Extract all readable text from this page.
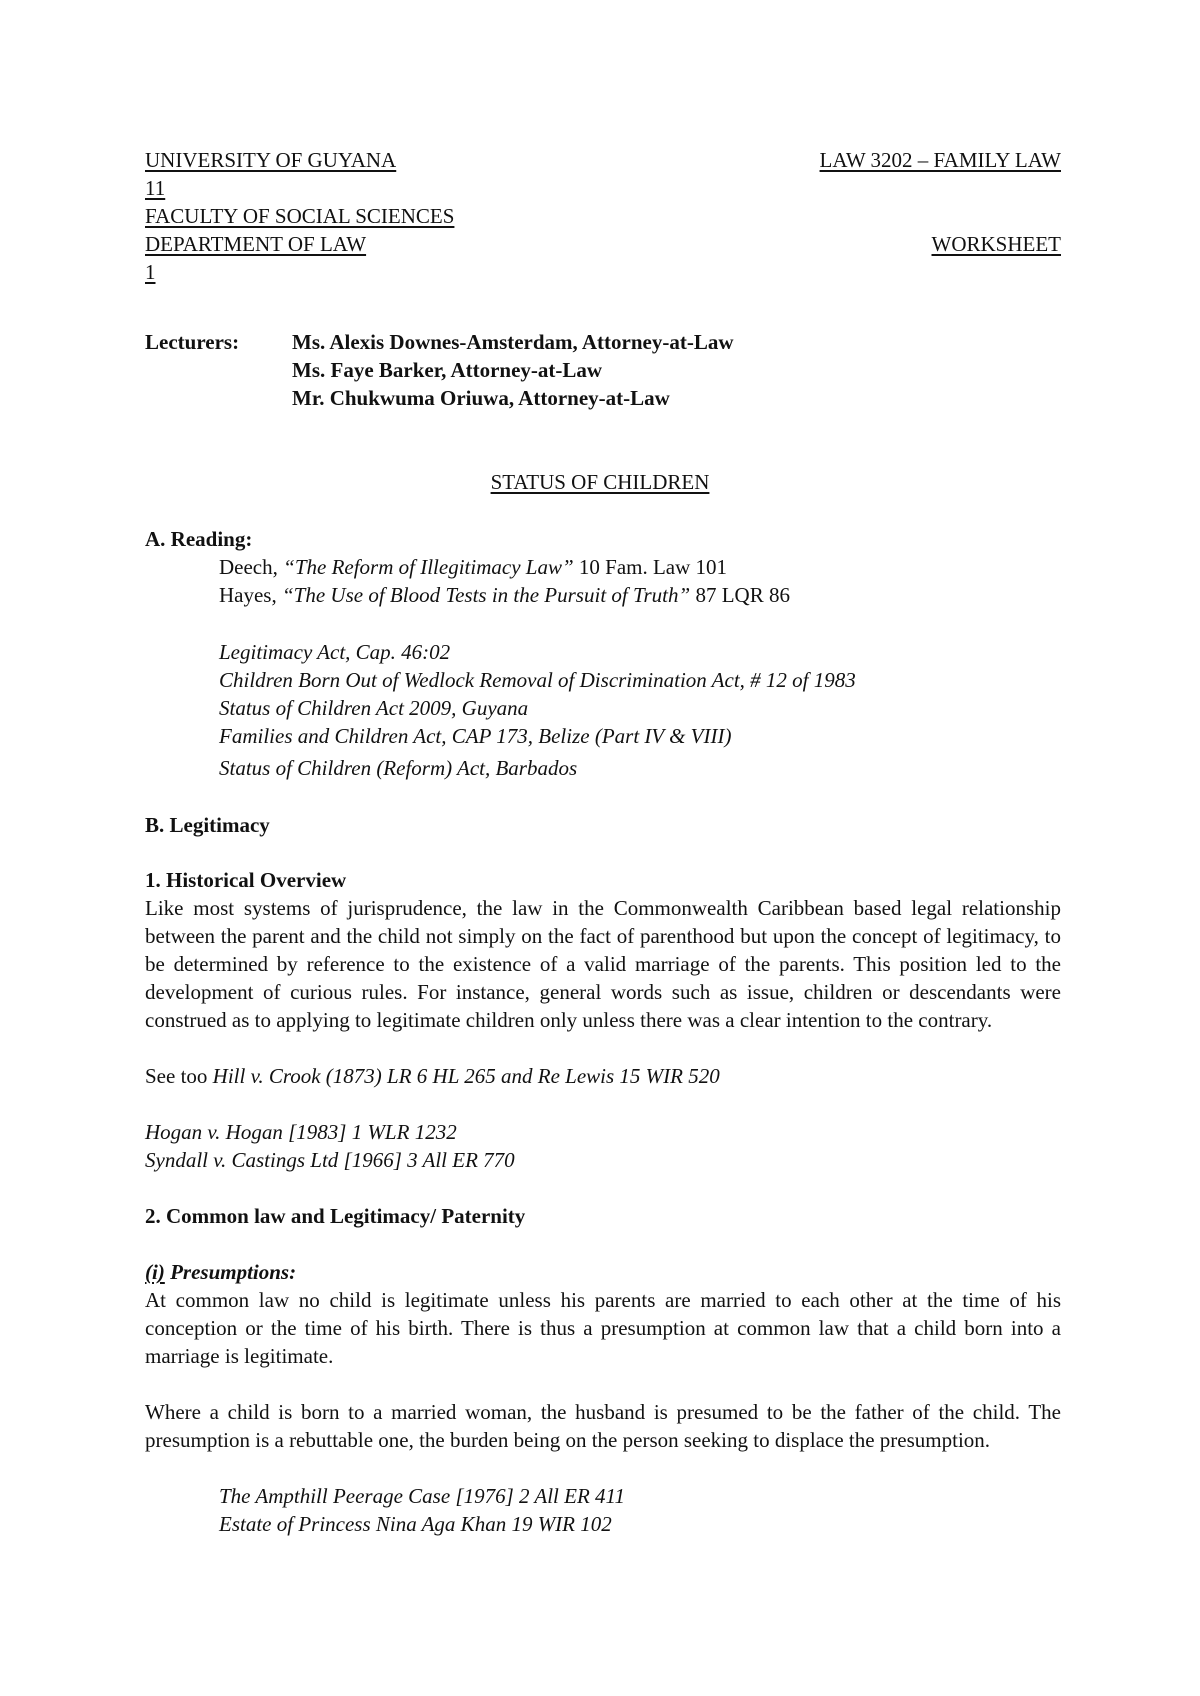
UNIVERSITY OF GUYANA	LAW 3202 – FAMILY LAW
11
FACULTY OF SOCIAL SCIENCES
DEPARTMENT OF LAW	WORKSHEET
1
Lecturers:	Ms. Alexis Downes-Amsterdam, Attorney-at-Law
Ms. Faye Barker, Attorney-at-Law
Mr. Chukwuma Oriuwa, Attorney-at-Law
STATUS OF CHILDREN
A. Reading:
Deech, “The Reform of Illegitimacy Law” 10 Fam. Law 101
Hayes, “The Use of Blood Tests in the Pursuit of Truth” 87 LQR 86
Legitimacy Act, Cap. 46:02
Children Born Out of Wedlock Removal of Discrimination Act, # 12 of 1983
Status of Children Act 2009, Guyana
Families and Children Act, CAP 173, Belize (Part IV & VIII)
Status of Children (Reform) Act, Barbados
B. Legitimacy
1. Historical Overview

Like most systems of jurisprudence, the law in the Commonwealth Caribbean based legal relationship between the parent and the child not simply on the fact of parenthood but upon the concept of legitimacy, to be determined by reference to the existence of a valid marriage of the parents. This position led to the development of curious rules. For instance, general words such as issue, children or descendants were construed as to applying to legitimate children only unless there was a clear intention to the contrary.

See too Hill v. Crook (1873) LR 6 HL 265 and Re Lewis 15 WIR 520
Hogan v. Hogan [1983] 1 WLR 1232
Syndall v. Castings Ltd [1966] 3 All ER 770
2. Common law and Legitimacy/ Paternity
(i) Presumptions:

At common law no child is legitimate unless his parents are married to each other at the time of his conception or the time of his birth. There is thus a presumption at common law that a child born into a marriage is legitimate.

Where a child is born to a married woman, the husband is presumed to be the father of the child. The presumption is a rebuttable one, the burden being on the person seeking to displace the presumption.

The Ampthill Peerage Case [1976] 2 All ER 411
Estate of Princess Nina Aga Khan 19 WIR 102
